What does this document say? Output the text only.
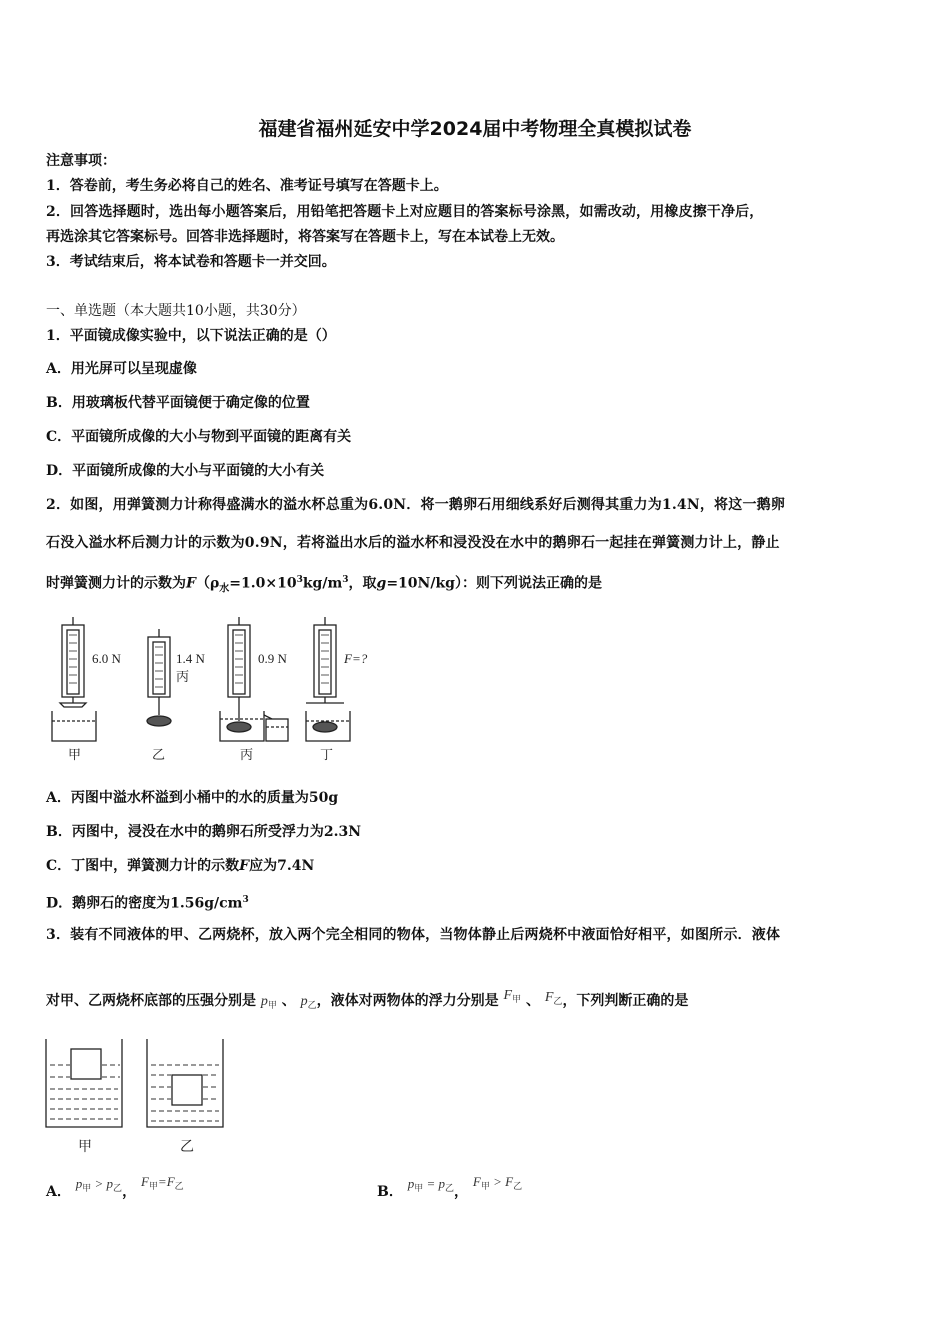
福建省福州延安中学2024届中考物理全真模拟试卷
注意事项：
1．答卷前，考生务必将自己的姓名、准考证号填写在答题卡上。
2．回答选择题时，选出每小题答案后，用铅笔把答题卡上对应题目的答案标号涂黑，如需改动，用橡皮擦干净后，
再选涂其它答案标号。回答非选择题时，将答案写在答题卡上，写在本试卷上无效。
3．考试结束后，将本试卷和答题卡一并交回。
一、单选题（本大题共10小题，共30分）
1．平面镜成像实验中，以下说法正确的是（）
A．用光屏可以呈现虚像
B．用玻璃板代替平面镜便于确定像的位置
C．平面镜所成像的大小与物到平面镜的距离有关
D．平面镜所成像的大小与平面镜的大小有关
2．如图，用弹簧测力计称得盛满水的溢水杯总重为6.0N．将一鹅卵石用细线系好后测得其重力为1.4N，将这一鹅卵
石没入溢水杯后测力计的示数为0.9N，若将溢出水后的溢水杯和浸没没在水中的鹅卵石一起挂在弹簧测力计上，静止
时弹簧测力计的示数为$F(\rho_水=1.0\times 10^3kg/m^3$，取g=10N/kg）：则下列说法正确的是
6.0 N	1.4 N
丙
0.9 N	F=?
甲	乙	丙	丁
A．丙图中溢水杯溢到小桶中的水的质量为50g
B．丙图中，浸没在水中的鹅卵石所受浮力为2.3N
C．丁图中，弹簧测力计的示数F应为7.4N
D．鹅卵石的密度为$1.56g/cm^3$
3．装有不同液体的甲、乙两烧杯，放入两个完全相同的物体，当物体静止后两烧杯中液面恰好相平，如图所示．液体
对甲、乙两烧杯底部的压强分别是 $p_甲$ 、 $p_乙$，液体对两物体的浮力分别是 $F_甲$ 、 $F_乙$，下列判断正确的是
甲	乙
A． $p_甲 > p_乙$， $F_甲=F_乙$	B． $p_甲 = p_乙$， $F_甲 > F_乙$
